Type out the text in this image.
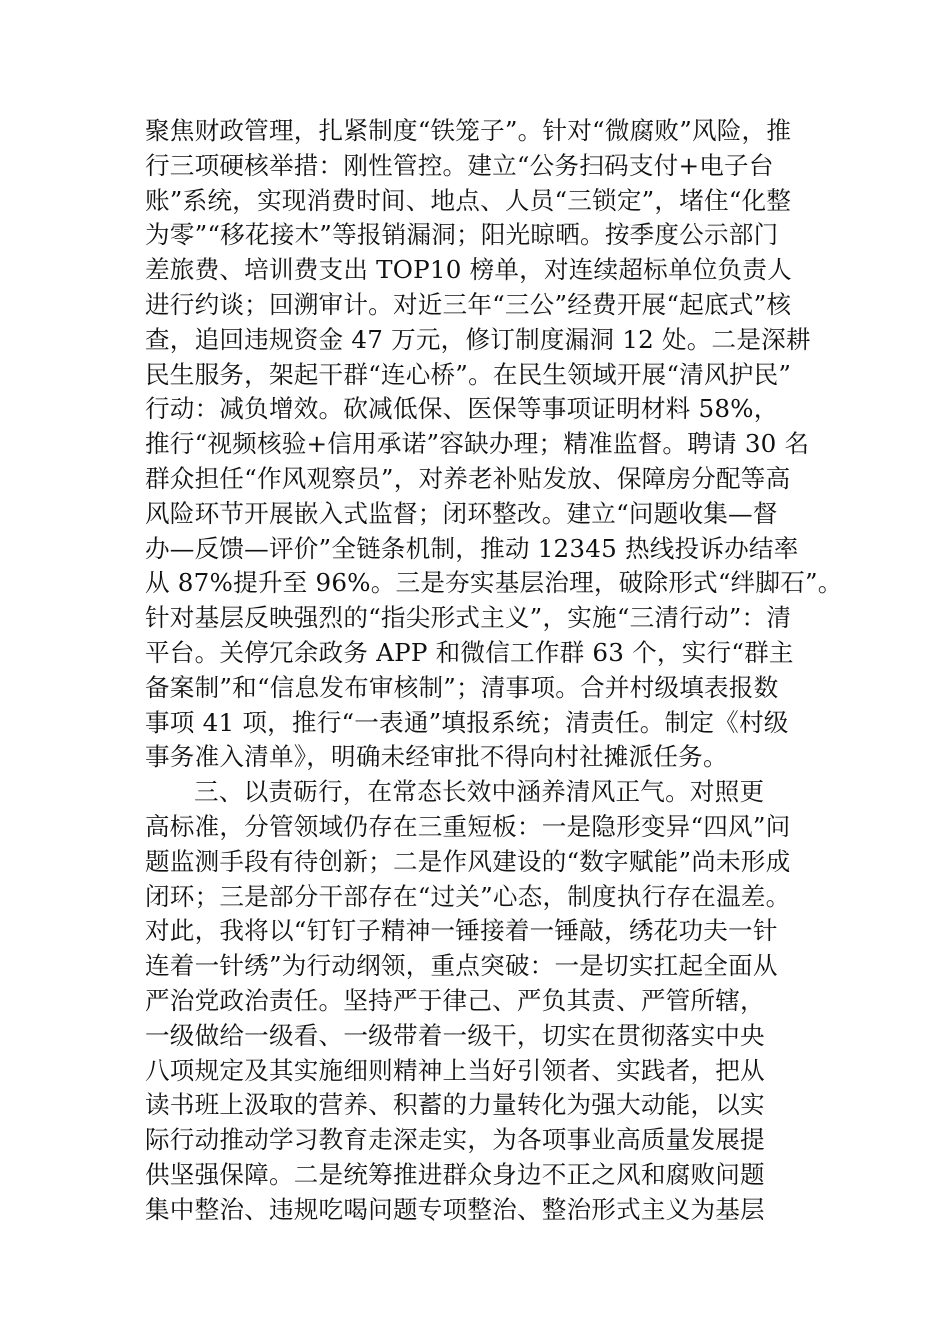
聚焦财政管理，扎紧制度“铁笼子”。针对“微腐败”风险，推
行三项硬核举措：刚性管控。建立“公务扫码支付+电子台
账”系统，实现消费时间、地点、人员“三锁定”，堵住“化整
为零”“移花接木”等报销漏洞；阳光晾晒。按季度公示部门
差旅费、培训费支出 TOP10 榜单，对连续超标单位负责人
进行约谈；回溯审计。对近三年“三公”经费开展“起底式”核
查，追回违规资金 47 万元，修订制度漏洞 12 处。二是深耕
民生服务，架起干群“连心桥”。在民生领域开展“清风护民”
行动：减负增效。砍减低保、医保等事项证明材料 58%，
推行“视频核验+信用承诺”容缺办理；精准监督。聘请 30 名
群众担任“作风观察员”，对养老补贴发放、保障房分配等高
风险环节开展嵌入式监督；闭环整改。建立“问题收集—督
办—反馈—评价”全链条机制，推动 12345 热线投诉办结率
从 87%提升至 96%。三是夯实基层治理，破除形式“绊脚石”。
针对基层反映强烈的“指尖形式主义”，实施“三清行动”：清
平台。关停冗余政务 APP 和微信工作群 63 个，实行“群主
备案制”和“信息发布审核制”；清事项。合并村级填表报数
事项 41 项，推行“一表通”填报系统；清责任。制定《村级
事务准入清单》，明确未经审批不得向村社摊派任务。
三、以责砺行，在常态长效中涵养清风正气。对照更
高标准，分管领域仍存在三重短板：一是隐形变异“四风”问
题监测手段有待创新；二是作风建设的“数字赋能”尚未形成
闭环；三是部分干部存在“过关”心态，制度执行存在温差。
对此，我将以“钉钉子精神一锤接着一锤敲，绣花功夫一针
连着一针绣”为行动纲领，重点突破：一是切实扛起全面从
严治党政治责任。坚持严于律己、严负其责、严管所辖，
一级做给一级看、一级带着一级干，切实在贯彻落实中央
八项规定及其实施细则精神上当好引领者、实践者，把从
读书班上汲取的营养、积蓄的力量转化为强大动能，以实
际行动推动学习教育走深走实，为各项事业高质量发展提
供坚强保障。二是统筹推进群众身边不正之风和腐败问题
集中整治、违规吃喝问题专项整治、整治形式主义为基层
